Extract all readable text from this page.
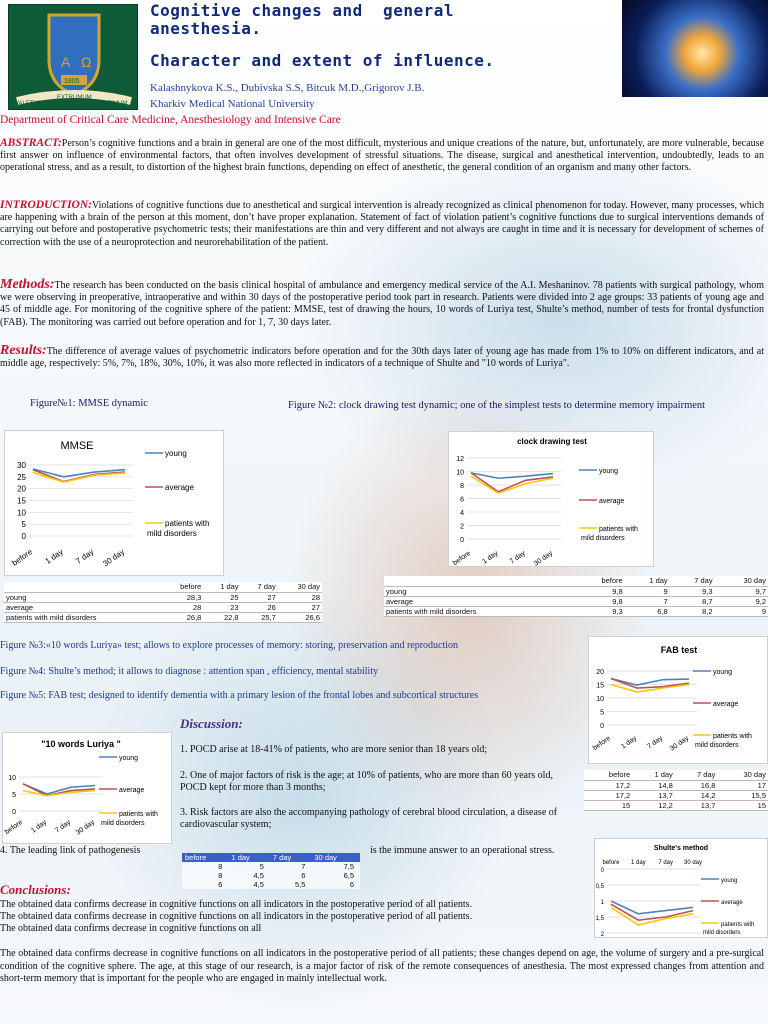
A Ω
1805
VALETUDO
EXTRUMUM
OPTIMUM
Cognitive changes and  general
anesthesia.
Character and extent of influence.
Kalashnykova K.S., Dubivska S.S, Bitcuk M.D.,Grigorov J.B.
Kharkiv Medical National University
Department of Critical Care Medicine, Anesthesiology and Intensive Care
ABSTRACT:Person’s cognitive functions and a brain in general are one of the most difficult, mysterious and unique creations of the nature, but, unfortunately, are more vulnerable, because first answer on influence of environmental factors, that often involves development of stressful situations. The disease, surgical and anesthetical intervention, undoubtedly, leads to an operational stress, and as a result, to distortion of the highest brain functions, depending on effect of anesthetic, the general condition of an organism and many other factors.
INTRODUCTION:Violations of cognitive functions due to anesthetical and surgical intervention is already recognized as clinical phenomenon for today. However, many processes, which are happening with a brain of the person at this moment, don’t have proper explanation. Statement of fact of violation patient’s cognitive functions due to surgical interventions demands of carrying out before and postoperative psychometric tests; their manifestations are thin and very different and not always are caught in time and it is necessary for development of schemes of correction with the use of a neuroprotection and neurorehabilitation of the patient.
Methods:The research has been conducted on the basis clinical hospital of ambulance and emergency medical service of the A.I. Meshaninov. 78 patients with surgical pathology, whom we were observing in preoperative, intraoperative and within 30 days of the postoperative period took part in research. Patients were divided into 2 age groups: 33 patients of young age and 45 of middle age. For monitoring of the cognitive sphere of the patient: MMSE, test of drawing the hours, 10 words of Luriya test, Shulte’s method, number of tests for frontal dysfunction (FAB). The monitoring was carried out before operation and for 1, 7, 30 days later.
Results:The difference of average values of psychometric indicators before operation and for the 30th days later of young age has made from 1% to 10% on different indicators, and at middle age, respectively: 5%, 7%, 18%, 30%, 10%, it was also more reflected in indicators of a technique of Shulte and "10 words of Luriya".
Figure№1: MMSE dynamic	Figure №2: clock drawing test dynamic; one of the simplest tests to determine memory impairment
MMSE
30
25
20
15
10
5
0
before 1 day 7 day 30 day
young
average
patients with
mild disorders
	before	1 day	7 day	30 day
young	28,3	25	27	28
average	28	23	26	27
patients with mild disorders	26,8	22,8	25,7	26,6
clock drawing test
12
10
8
6
4
2
0
before 1 day 7 day 30 day
young
average
patients with
mild disorders
	before	1 day	7 day	30 day
young	9,8	9	9,3	9,7
average	9,8	7	8,7	9,2
patients with mild disorders	9,3	6,8	8,2	9
Figure №3:«10 words Luriya» test; allows to explore processes of memory: storing, preservation and reproduction
Figure №4: Shulte’s method; it allows to diagnose : attention span , efficiency, mental stability
Figure №5: FAB test; designed to identify dementia with a primary lesion of the frontal lobes and subcortical structures
FAB test
20
15
10
5
0
before 1 day 7 day 30 day
young
average
patients with
mild disorders
before	1 day	7 day	30 day
17,2	14,8	16,8	17
17,2	13,7	14,2	15,5
15	12,2	13,7	15
"10 words Luriya "
10
5
0
before 1 day 7 day 30 day
young
average
patients with
mild disorders
before	1 day	7 day	30 day
8	5	7	7,5
8	4,5	6	6,5
6	4,5	5,5	6
Shulte's method
0
0,5
1
1,5
2
before 1 day 7 day 30 day
young
average
patients with
mild disorders
Discussion:
1. POCD arise at 18-41% of patients, who are more senior than 18 years old;
2. One of major factors of risk is the age; at 10% of patients, who are more than 60 years old, POCD kept for more than 3 months;
3. Risk factors are also the accompanying pathology of cerebral blood circulation, a disease of cardiovascular system;
4. The leading link of pathogenesis	is the immune answer to an operational stress.
Conclusions:
The obtained data confirms decrease in cognitive functions on all indicators in the postoperative period of all patients.
The obtained data confirms decrease in cognitive functions on all indicators in the postoperative period of all patients.
The obtained data confirms decrease in cognitive functions on all
The obtained data confirms decrease in cognitive functions on all indicators in the postoperative period of all patients; these changes depend on age, the volume of surgery and a pre-surgical condition of the cognitive sphere. The age, at this stage of our research, is a major factor of risk of the remote consequences of anesthesia. The most expressed changes from attention and short-term memory that is important for the people who are engaged in mainly intellectual work.
